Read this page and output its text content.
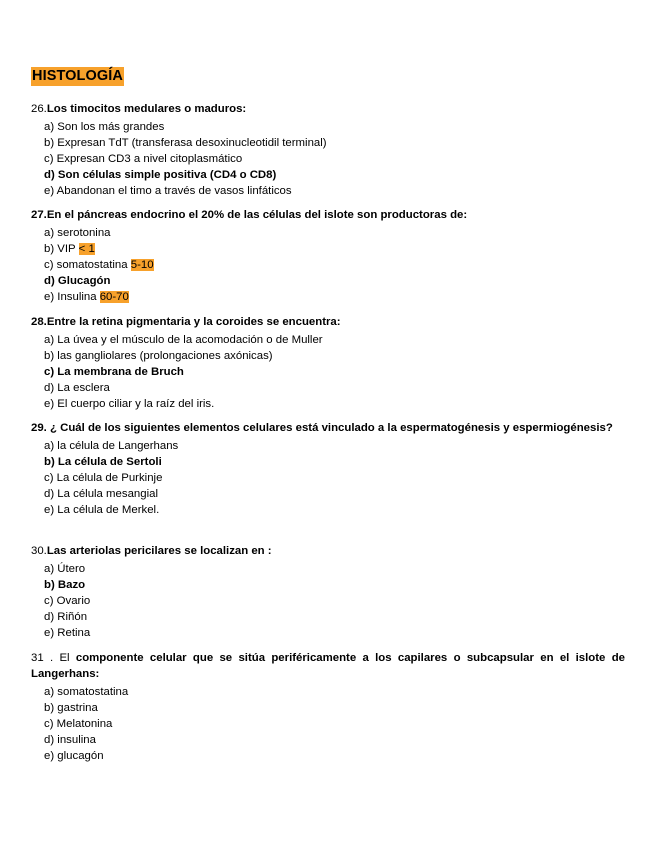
HISTOLOGÍA
26.Los timocitos medulares o maduros:
a) Son los más grandes
b) Expresan TdT (transferasa desoxinucleotidil terminal)
c) Expresan CD3 a nivel citoplasmático
d) Son células simple positiva (CD4 o CD8)
e) Abandonan el timo a través de vasos linfáticos
27.En el páncreas endocrino el 20% de las células del islote son productoras de:
a) serotonina
b) VIP < 1
c) somatostatina 5-10
d) Glucagón
e) Insulina 60-70
28.Entre la retina pigmentaria y la coroides se encuentra:
a) La úvea y el músculo de la acomodación o de Muller
b) las gangliolares (prolongaciones axónicas)
c) La membrana de Bruch
d) La esclera
e) El cuerpo ciliar y la raíz del iris.
29. ¿ Cuál de los siguientes elementos celulares está vinculado a la espermatogénesis y espermiogénesis?
a) la célula de Langerhans
b) La célula de Sertoli
c) La célula de Purkinje
d) La célula mesangial
e) La célula de Merkel.
30.Las arteriolas pericilares se localizan en :
a) Útero
b) Bazo
c) Ovario
d) Riñón
e) Retina
31 . El componente celular que se sitúa periféricamente a los capilares o subcapsular en el islote de Langerhans:
a) somatostatina
b) gastrina
c) Melatonina
d) insulina
e) glucagón
